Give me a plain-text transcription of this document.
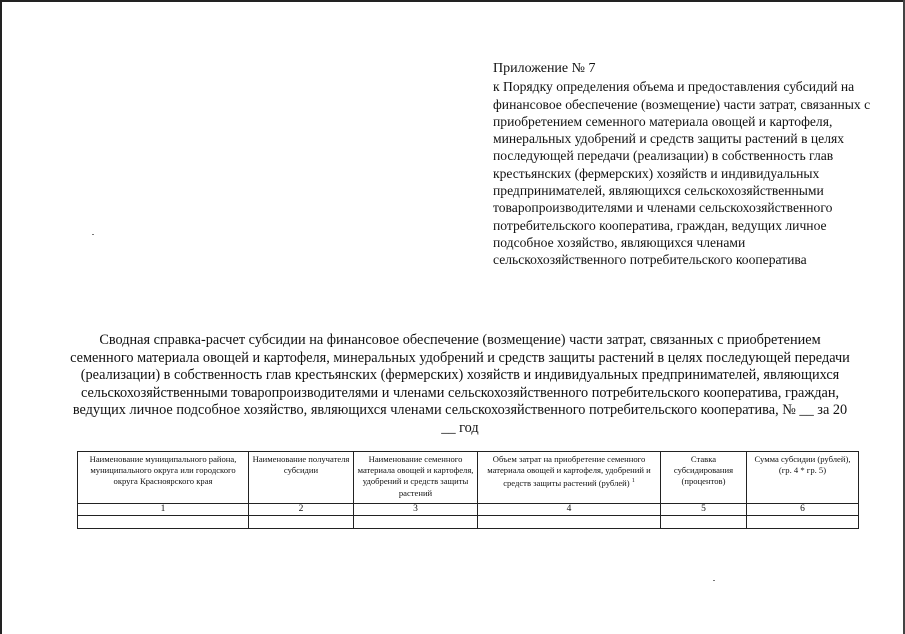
Приложение № 7
к Порядку определения объема и предоставления субсидий на финансовое обеспечение (возмещение) части затрат, связанных с приобретением семенного материала овощей и картофеля, минеральных удобрений и средств защиты растений в целях последующей передачи (реализации) в собственность глав крестьянских (фермерских) хозяйств и индивидуальных предпринимателей, являющихся сельскохозяйственными товаропроизводителями и членами сельскохозяйственного потребительского кооператива, граждан, ведущих личное подсобное хозяйство, являющихся членами сельскохозяйственного потребительского кооператива
Сводная справка-расчет субсидии на финансовое обеспечение (возмещение) части затрат, связанных с приобретением семенного материала овощей и картофеля, минеральных удобрений и средств защиты растений в целях последующей передачи (реализации) в собственность глав крестьянских (фермерских) хозяйств и индивидуальных предпринимателей, являющихся сельскохозяйственными товаропроизводителями и членами сельскохозяйственного потребительского кооператива, граждан, ведущих личное подсобное хозяйство, являющихся членами сельскохозяйственного потребительского кооператива, № __ за 20 __ год
Наименование муниципального района, муниципального округа или городского округа Красноярского края	Наименование получателя субсидии	Наименование семенного материала овощей и картофеля, удобрений и средств защиты растений	Объем затрат на приобретение семенного материала овощей и картофеля, удобрений и средств защиты растений (рублей) $^1$	Ставка субсидирования (процентов)	Сумма субсидии (рублей), (гр. 4 * гр. 5)
1	2	3	4	5	6
